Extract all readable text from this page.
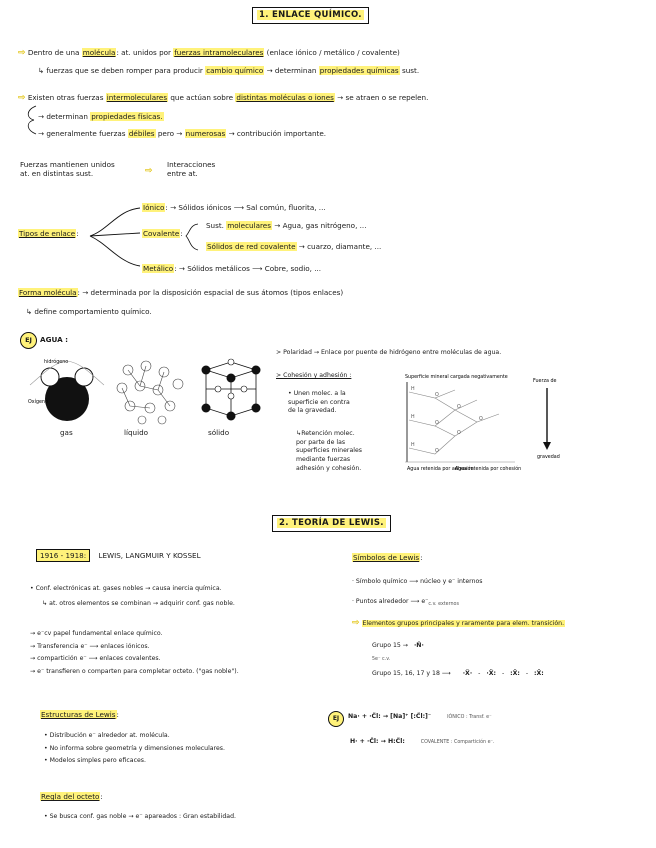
1. ENLACE QUÍMICO.
⇨ Dentro de una molécula: at. unidos por fuerzas intramoleculares (enlace iónico / metálico / covalente)
↳ fuerzas que se deben romper para producir cambio químico → determinan propiedades químicas sust.
⇨ Existen otras fuerzas intermoleculares que actúan sobre distintas moléculas o iones → se atraen o se repelen.
→ determinan propiedades físicas.
→ generalmente fuerzas débiles pero → numerosas → contribución importante.
Fuerzas mantienen unidos
at. en distintas sust.	⇨
Interacciones
entre at.
Tipos de enlace:
Iónico: → Sólidos iónicos ⟶ Sal común, fluorita, ...
Covalente:
Sust. moleculares → Agua, gas nitrógeno, ...
Sólidos de red covalente → cuarzo, diamante, ...
Metálico: → Sólidos metálicos ⟶ Cobre, sodio, ...
Forma molécula: → determinada por la disposición espacial de sus átomos (tipos enlaces)
↳ define comportamiento químico.
EJ	AGUA :
Oxígeno
hidrógeno
gas	líquido	sólido
> Polaridad → Enlace por puente de hidrógeno entre moléculas de agua.
> Cohesión y adhesión :
• Unen molec. a la
superficie en contra
de la gravedad.
↳Retención molec.
por parte de las
superficies minerales
mediante fuerzas
adhesión y cohesión.
Superficie mineral cargada negativamente
H
H
H
O
O
O
O
O
O
Fuerza de
gravedad
Agua retenida por adhesión
Agua retenida por cohesión
2. TEORÍA DE LEWIS.
1916 - 1918: LEWIS, LANGMUIR Y KOSSEL
• Conf. electrónicas at. gases nobles → causa inercia química.
↳ at. otros elementos se combinan → adquirir conf. gas noble.
→ e⁻cv papel fundamental enlace químico.
→ Transferencia e⁻ ⟶ enlaces iónicos.
→ compartición e⁻ ⟶ enlaces covalentes.
→ e⁻ transfieren o comparten para completar octeto. ("gas noble").
Estructuras de Lewis:
• Distribución e⁻ alrededor at. molécula.
• No informa sobre geometría y dimensiones moleculares.
• Modelos simples pero eficaces.
Regla del octeto:
• Se busca conf. gas noble → e⁻ apareados : Gran estabilidad.
Símbolos de Lewis:
· Símbolo químico ⟶ núcleo y e⁻ internos
· Puntos alrededor ⟶ $e^-_{c.v. externos}$
⇨ Elementos grupos principales y raramente para elem. transición.
Grupo 15 → ·N̈·
5e⁻ c.v.
Grupo 15, 16, 17 y 18 ⟶ ·Ẍ· - ·Ẍ: - :Ẍ: - :Ẍ:
EJ	Na· + ·C̈l: → [Na]⁺ [:C̈l:]⁻	IÓNICO : Transf. e⁻
H· + ·C̈l: → H:C̈l:	COVALENTE : Compartición e⁻.
